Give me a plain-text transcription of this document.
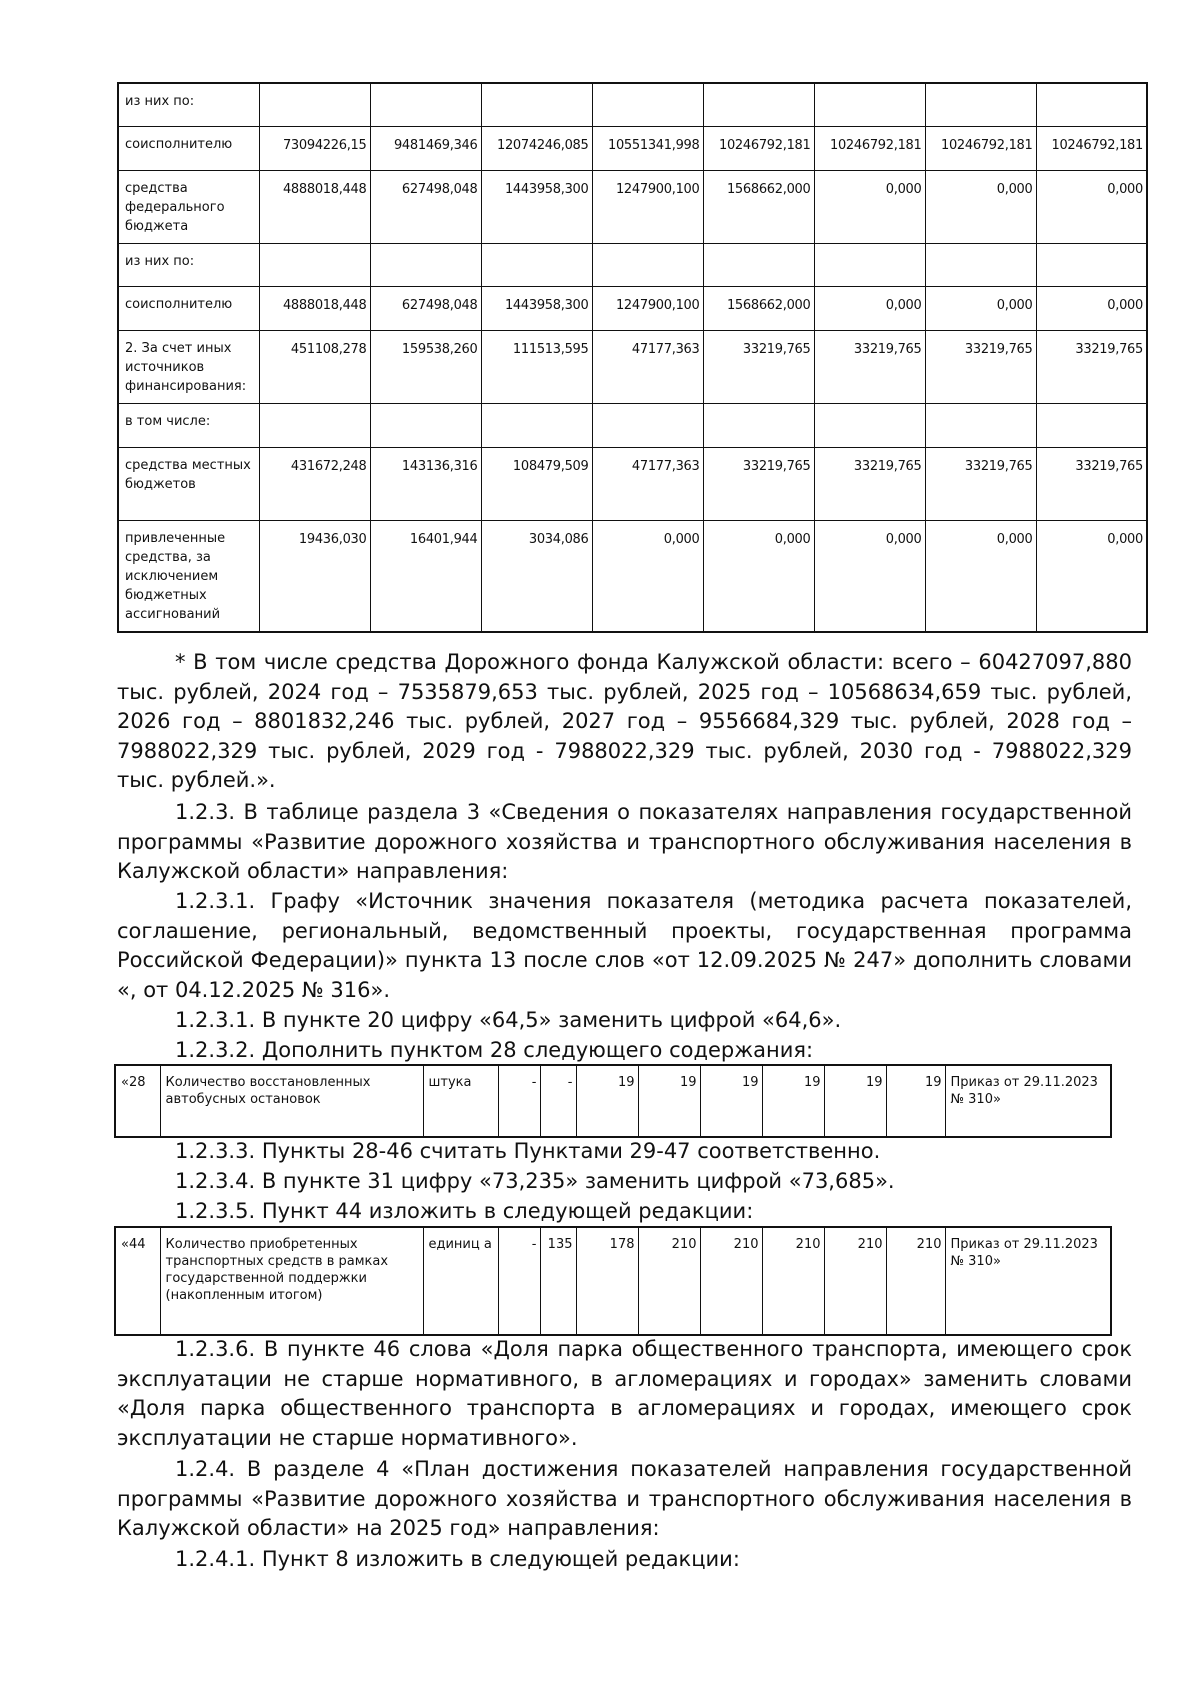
из них по:								
соисполнителю	73094226,15	9481469,346	12074246,085	10551341,998	10246792,181	10246792,181	10246792,181	10246792,181
средства федерального бюджета	4888018,448	627498,048	1443958,300	1247900,100	1568662,000	0,000	0,000	0,000
из них по:								
соисполнителю	4888018,448	627498,048	1443958,300	1247900,100	1568662,000	0,000	0,000	0,000
2. За счет иных источников финансирования:	451108,278	159538,260	111513,595	47177,363	33219,765	33219,765	33219,765	33219,765
в том числе:								
средства местных бюджетов	431672,248	143136,316	108479,509	47177,363	33219,765	33219,765	33219,765	33219,765
привлеченные средства, за исключением бюджетных ассигнований	19436,030	16401,944	3034,086	0,000	0,000	0,000	0,000	0,000

* В том числе средства Дорожного фонда Калужской области: всего – 60427097,880 тыс. рублей, 2024 год – 7535879,653 тыс. рублей, 2025 год – 10568634,659 тыс. рублей, 2026 год – 8801832,246 тыс. рублей, 2027 год – 9556684,329 тыс. рублей, 2028 год – 7988022,329 тыс. рублей, 2029 год - 7988022,329 тыс. рублей, 2030 год - 7988022,329 тыс. рублей.».

1.2.3. В таблице раздела 3 «Сведения о показателях направления государственной программы «Развитие дорожного хозяйства и транспортного обслуживания населения в Калужской области» направления:

1.2.3.1. Графу «Источник значения показателя (методика расчета показателей, соглашение, региональный, ведомственный проекты, государственная программа Российской Федерации)» пункта 13 после слов «от 12.09.2025 № 247» дополнить словами «, от 04.12.2025 № 316».

1.2.3.1. В пункте 20 цифру «64,5» заменить цифрой «64,6».
1.2.3.2. Дополнить пунктом 28 следующего содержания:
«28	Количество восстановленных автобусных остановок	штука	-	-	19	19	19	19	19	19	Приказ от 29.11.2023 № 310»
1.2.3.3. Пункты 28-46 считать Пунктами 29-47 соответственно.
1.2.3.4. В пункте 31 цифру «73,235» заменить цифрой «73,685».
1.2.3.5. Пункт 44 изложить в следующей редакции:
«44	Количество приобретенных транспортных средств в рамках государственной поддержки (накопленным итогом)	единиц а	-	135	178	210	210	210	210	210	Приказ от 29.11.2023 № 310»

1.2.3.6. В пункте 46 слова «Доля парка общественного транспорта, имеющего срок эксплуатации не старше нормативного, в агломерациях и городах» заменить словами «Доля парка общественного транспорта в агломерациях и городах, имеющего срок эксплуатации не старше нормативного».

1.2.4. В разделе 4 «План достижения показателей направления государственной программы «Развитие дорожного хозяйства и транспортного обслуживания населения в Калужской области» на 2025 год» направления:

1.2.4.1. Пункт 8 изложить в следующей редакции:
